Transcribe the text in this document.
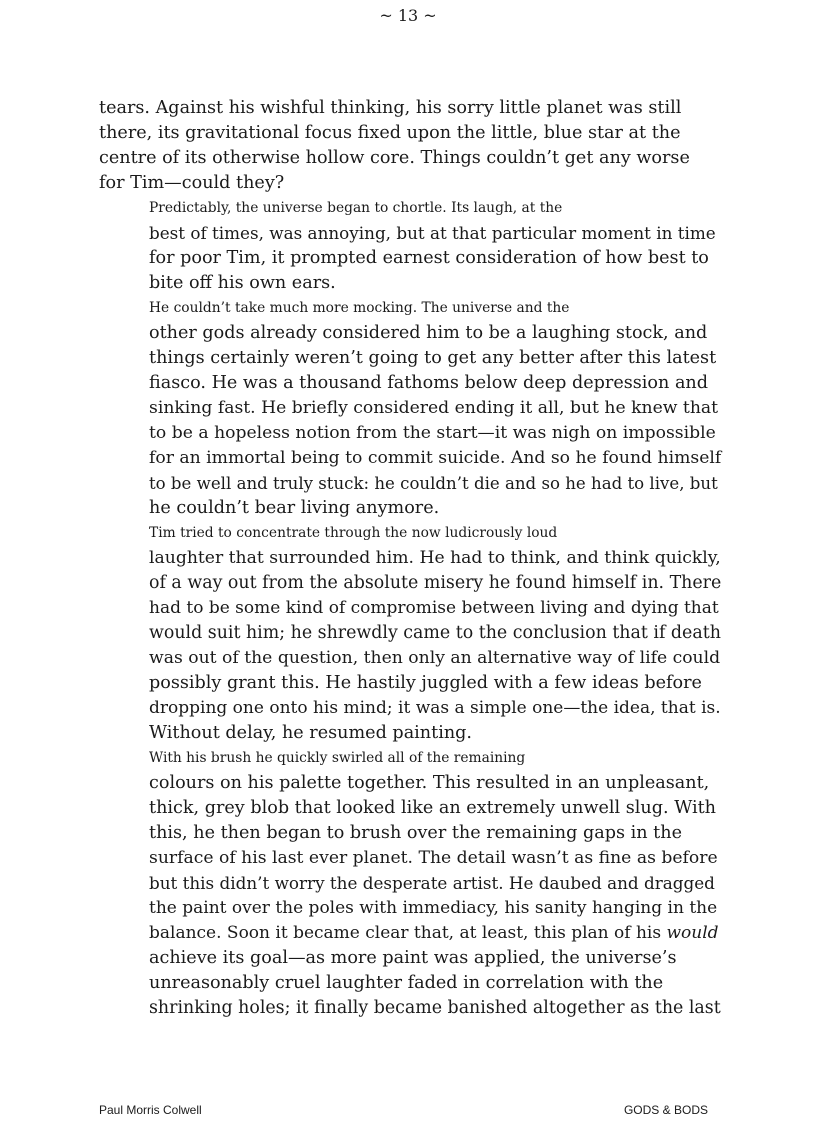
~ 13 ~

tears. Against his wishful thinking, his sorry little planet was still
there, its gravitational focus fixed upon the little, blue star at the
centre of its otherwise hollow core. Things couldn’t get any worse
for Tim—could they?

Predictably, the universe began to chortle. Its laugh, at the
best of times, was annoying, but at that particular moment in time
for poor Tim, it prompted earnest consideration of how best to
bite off his own ears.

He couldn’t take much more mocking. The universe and the
other gods already considered him to be a laughing stock, and
things certainly weren’t going to get any better after this latest
fiasco. He was a thousand fathoms below deep depression and
sinking fast. He briefly considered ending it all, but he knew that
to be a hopeless notion from the start—it was nigh on impossible
for an immortal being to commit suicide. And so he found himself
to be well and truly stuck: he couldn’t die and so he had to live, but
he couldn’t bear living anymore.

Tim tried to concentrate through the now ludicrously loud
laughter that surrounded him. He had to think, and think quickly,
of a way out from the absolute misery he found himself in. There
had to be some kind of compromise between living and dying that
would suit him; he shrewdly came to the conclusion that if death
was out of the question, then only an alternative way of life could
possibly grant this. He hastily juggled with a few ideas before
dropping one onto his mind; it was a simple one—the idea, that is.
Without delay, he resumed painting.

With his brush he quickly swirled all of the remaining
colours on his palette together. This resulted in an unpleasant,
thick, grey blob that looked like an extremely unwell slug. With
this, he then began to brush over the remaining gaps in the
surface of his last ever planet. The detail wasn’t as fine as before
but this didn’t worry the desperate artist. He daubed and dragged
the paint over the poles with immediacy, his sanity hanging in the
balance. Soon it became clear that, at least, this plan of his would
achieve its goal—as more paint was applied, the universe’s
unreasonably cruel laughter faded in correlation with the
shrinking holes; it finally became banished altogether as the last

Paul Morris Colwell	GODS & BODS
